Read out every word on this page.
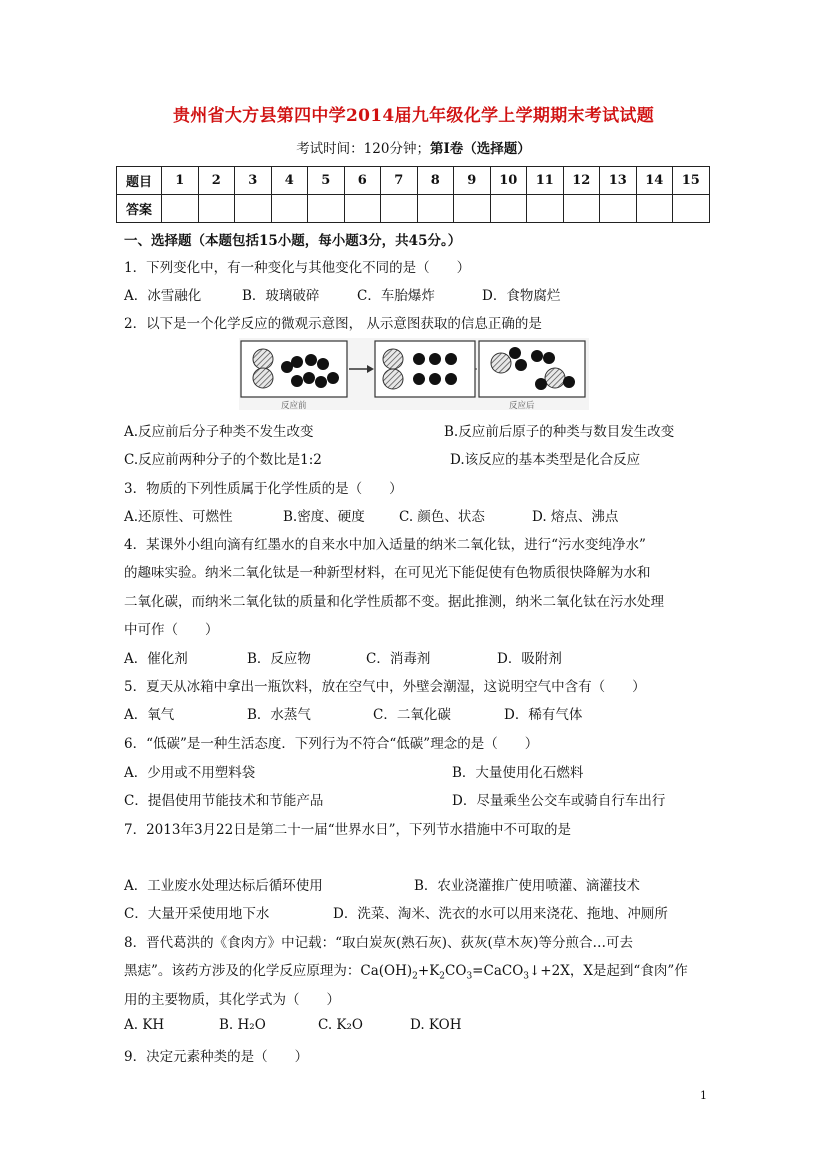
贵州省大方县第四中学2014届九年级化学上学期期末考试试题
考试时间：120分钟；第Ⅰ卷（选择题）
题目	1	2	3	4	5	6	7	8	9	10	11	12	13	14	15
答案															
一、选择题（本题包括15小题，每小题3分，共45分。）
1．下列变化中，有一种变化与其他变化不同的是（　　）
A．冰雪融化	B．玻璃破碎	C．车胎爆炸	D．食物腐烂
2．以下是一个化学反应的微观示意图， 从示意图获取的信息正确的是
反应前	反应后
A.反应前后分子种类不发生改变	B.反应前后原子的种类与数目发生改变
C.反应前两种分子的个数比是1:2	D.该反应的基本类型是化合反应
3．物质的下列性质属于化学性质的是（　　）
A.还原性、可燃性	B.密度、硬度	C. 颜色、状态	D. 熔点、沸点
4．某课外小组向滴有红墨水的自来水中加入适量的纳米二氧化钛，进行“污水变纯净水”
的趣味实验。纳米二氧化钛是一种新型材料，在可见光下能促使有色物质很快降解为水和
二氧化碳，而纳米二氧化钛的质量和化学性质都不变。据此推测，纳米二氧化钛在污水处理
中可作（　　）
A．催化剂	B．反应物	C．消毒剂	D．吸附剂
5．夏天从冰箱中拿出一瓶饮料，放在空气中，外壁会潮湿，这说明空气中含有（　　）
A．氧气	B．水蒸气	C．二氧化碳	D．稀有气体
6．“低碳”是一种生活态度．下列行为不符合“低碳”理念的是（　　）
A．少用或不用塑料袋	B．大量使用化石燃料
C．提倡使用节能技术和节能产品	D．尽量乘坐公交车或骑自行车出行
7．2013年3月22日是第二十一届“世界水日”，下列节水措施中不可取的是
A．工业废水处理达标后循环使用	B．农业浇灌推广使用喷灌、滴灌技术
C．大量开采使用地下水	D．洗菜、淘米、洗衣的水可以用来浇花、拖地、冲厕所
8．晋代葛洪的《食肉方》中记载：“取白炭灰(熟石灰)、荻灰(草木灰)等分煎合…可去
黑痣”。该药方涉及的化学反应原理为：$Ca(OH)_2+K_2CO_3=CaCO_3↓+2X$，X是起到“食肉”作
用的主要物质，其化学式为（　　）
A. KH	B. H₂O	C. K₂O	D. KOH
9．决定元素种类的是（　　）
1
